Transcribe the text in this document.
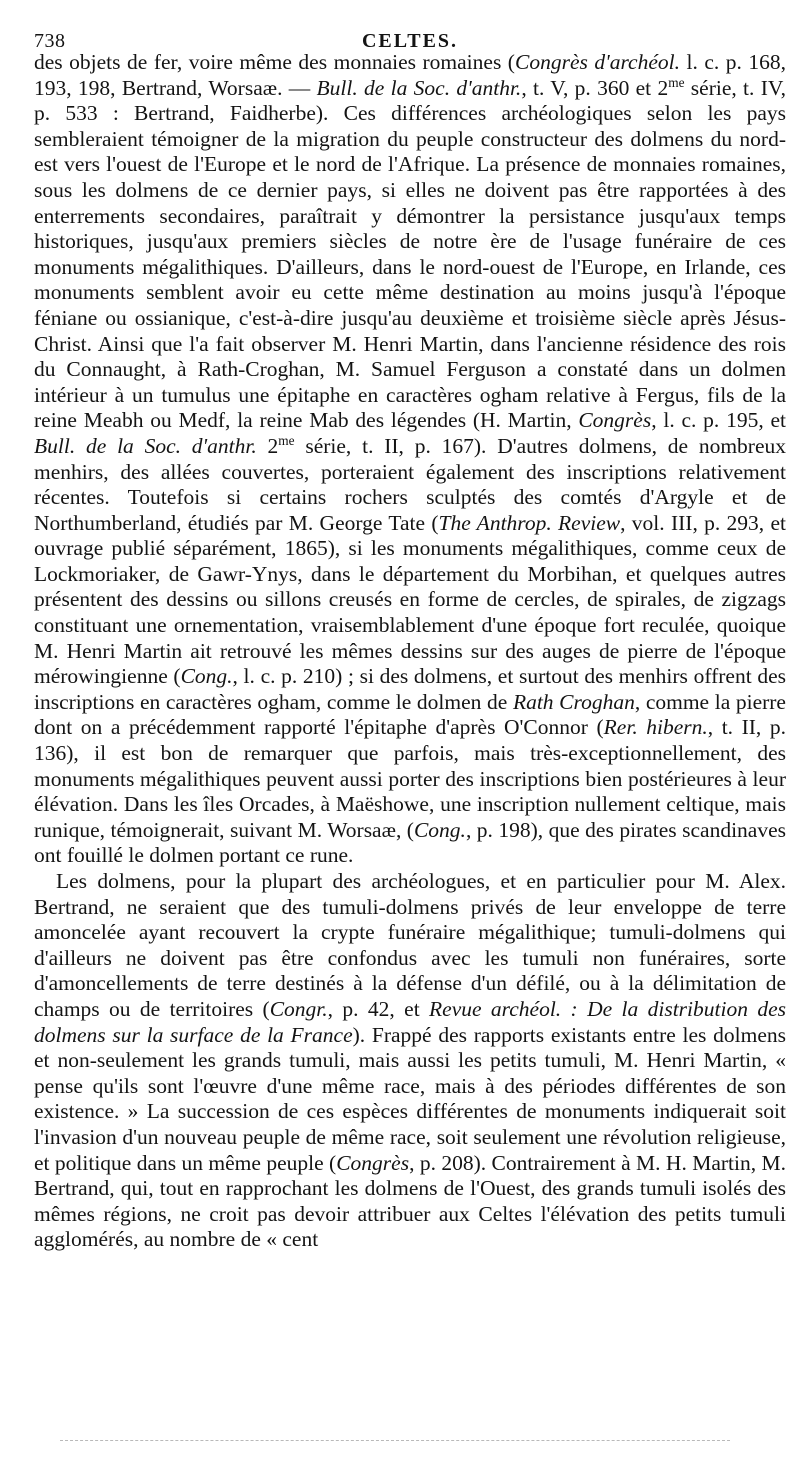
738	CELTES.

des objets de fer, voire même des monnaies romaines (Congrès d'archéol. l. c. p. 168, 193, 198, Bertrand, Worsaæ. — Bull. de la Soc. d'anthr., t. V, p. 360 et $2^{me}$ série, t. IV, p. 533 : Bertrand, Faidherbe). Ces différences archéologiques selon les pays sembleraient témoigner de la migration du peuple constructeur des dolmens du nord-est vers l'ouest de l'Europe et le nord de l'Afrique. La présence de monnaies romaines, sous les dolmens de ce dernier pays, si elles ne doivent pas être rapportées à des enterrements secondaires, paraîtrait y démontrer la persistance jusqu'aux temps historiques, jusqu'aux premiers siècles de notre ère de l'usage funéraire de ces monuments mégalithiques. D'ailleurs, dans le nord-ouest de l'Europe, en Irlande, ces monuments semblent avoir eu cette même destination au moins jusqu'à l'époque féniane ou ossianique, c'est-à-dire jusqu'au deuxième et troisième siècle après Jésus-Christ. Ainsi que l'a fait observer M. Henri Martin, dans l'ancienne résidence des rois du Connaught, à Rath-Croghan, M. Samuel Ferguson a constaté dans un dolmen intérieur à un tumulus une épitaphe en caractères ogham relative à Fergus, fils de la reine Meabh ou Medf, la reine Mab des légendes (H. Martin, Congrès, l. c. p. 195, et Bull. de la Soc. d'anthr. $2^{me}$ série, t. II, p. 167). D'autres dolmens, de nombreux menhirs, des allées couvertes, porteraient également des inscriptions relativement récentes. Toutefois si certains rochers sculptés des comtés d'Argyle et de Northumberland, étudiés par M. George Tate (The Anthrop. Review, vol. III, p. 293, et ouvrage publié séparément, 1865), si les monuments mégalithiques, comme ceux de Lockmoriaker, de Gawr-Ynys, dans le département du Morbihan, et quelques autres présentent des dessins ou sillons creusés en forme de cercles, de spirales, de zigzags constituant une ornementation, vraisemblablement d'une époque fort reculée, quoique M. Henri Martin ait retrouvé les mêmes dessins sur des auges de pierre de l'époque mérowingienne (Cong., l. c. p. 210) ; si des dolmens, et surtout des menhirs offrent des inscriptions en caractères ogham, comme le dolmen de Rath Croghan, comme la pierre dont on a précédemment rapporté l'épitaphe d'après O'Connor (Rer. hibern., t. II, p. 136), il est bon de remarquer que parfois, mais très-exceptionnellement, des monuments mégalithiques peuvent aussi porter des inscriptions bien postérieures à leur élévation. Dans les îles Orcades, à Maëshowe, une inscription nullement celtique, mais runique, témoignerait, suivant M. Worsaæ, (Cong., p. 198), que des pirates scandinaves ont fouillé le dolmen portant ce rune.

Les dolmens, pour la plupart des archéologues, et en particulier pour M. Alex. Bertrand, ne seraient que des tumuli-dolmens privés de leur enveloppe de terre amoncelée ayant recouvert la crypte funéraire mégalithique; tumuli-dolmens qui d'ailleurs ne doivent pas être confondus avec les tumuli non funéraires, sorte d'amoncellements de terre destinés à la défense d'un défilé, ou à la délimitation de champs ou de territoires (Congr., p. 42, et Revue archéol. : De la distribution des dolmens sur la surface de la France). Frappé des rapports existants entre les dolmens et non-seulement les grands tumuli, mais aussi les petits tumuli, M. Henri Martin, « pense qu'ils sont l'œuvre d'une même race, mais à des périodes différentes de son existence. » La succession de ces espèces différentes de monuments indiquerait soit l'invasion d'un nouveau peuple de même race, soit seulement une révolution religieuse, et politique dans un même peuple (Congrès, p. 208). Contrairement à M. H. Martin, M. Bertrand, qui, tout en rapprochant les dolmens de l'Ouest, des grands tumuli isolés des mêmes régions, ne croit pas devoir attribuer aux Celtes l'élévation des petits tumuli agglomérés, au nombre de « cent
